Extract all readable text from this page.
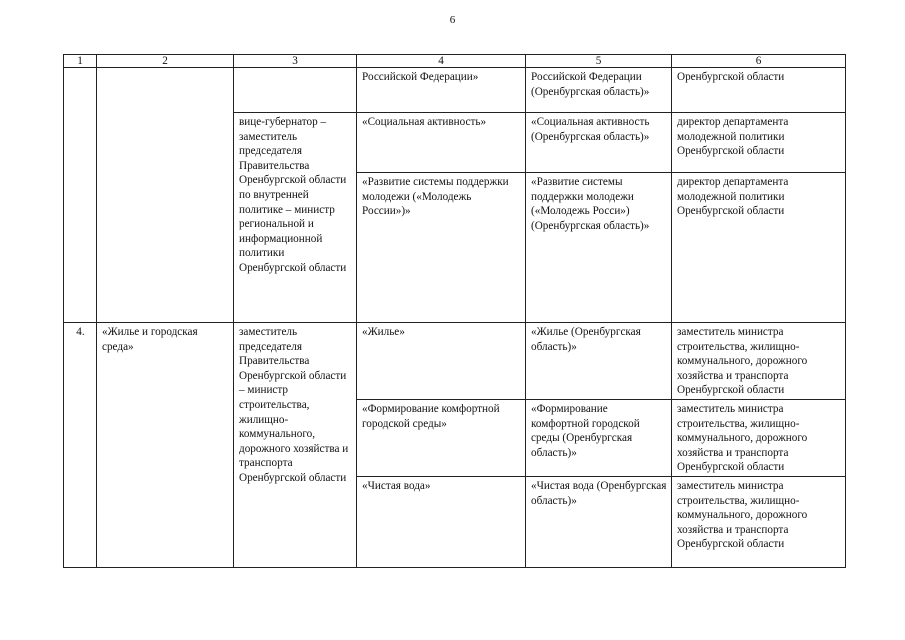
6
1	2	3	4	5	6
			Российской Федерации»	Российской Федерации (Оренбургская область)»	Оренбургской области
		вице-губернатор – заместитель председателя Правительства Оренбургской области по внутренней политике – министр региональной и информационной политики Оренбургской области	«Социальная активность»	«Социальная активность (Оренбургская область)»	директор департамента молодежной политики Оренбургской области
			«Развитие системы поддержки молодежи («Молодежь России»)»	«Развитие системы поддержки молодежи («Молодежь Росси») (Оренбургская область)»	директор департамента молодежной политики Оренбургской области
4.	«Жилье и городская среда»	заместитель председателя Правительства Оренбургской области – министр строительства, жилищно-коммунального, дорожного хозяйства и транспорта Оренбургской области	«Жилье»	«Жилье (Оренбургская область)»	заместитель министра строительства, жилищно-коммунального, дорожного хозяйства и транспорта Оренбургской области
			«Формирование комфортной городской среды»	«Формирование комфортной городской среды (Оренбургская область)»	заместитель министра строительства, жилищно-коммунального, дорожного хозяйства и транспорта Оренбургской области
			«Чистая вода»	«Чистая вода (Оренбургская область)»	заместитель министра строительства, жилищно-коммунального, дорожного хозяйства и транспорта Оренбургской области
